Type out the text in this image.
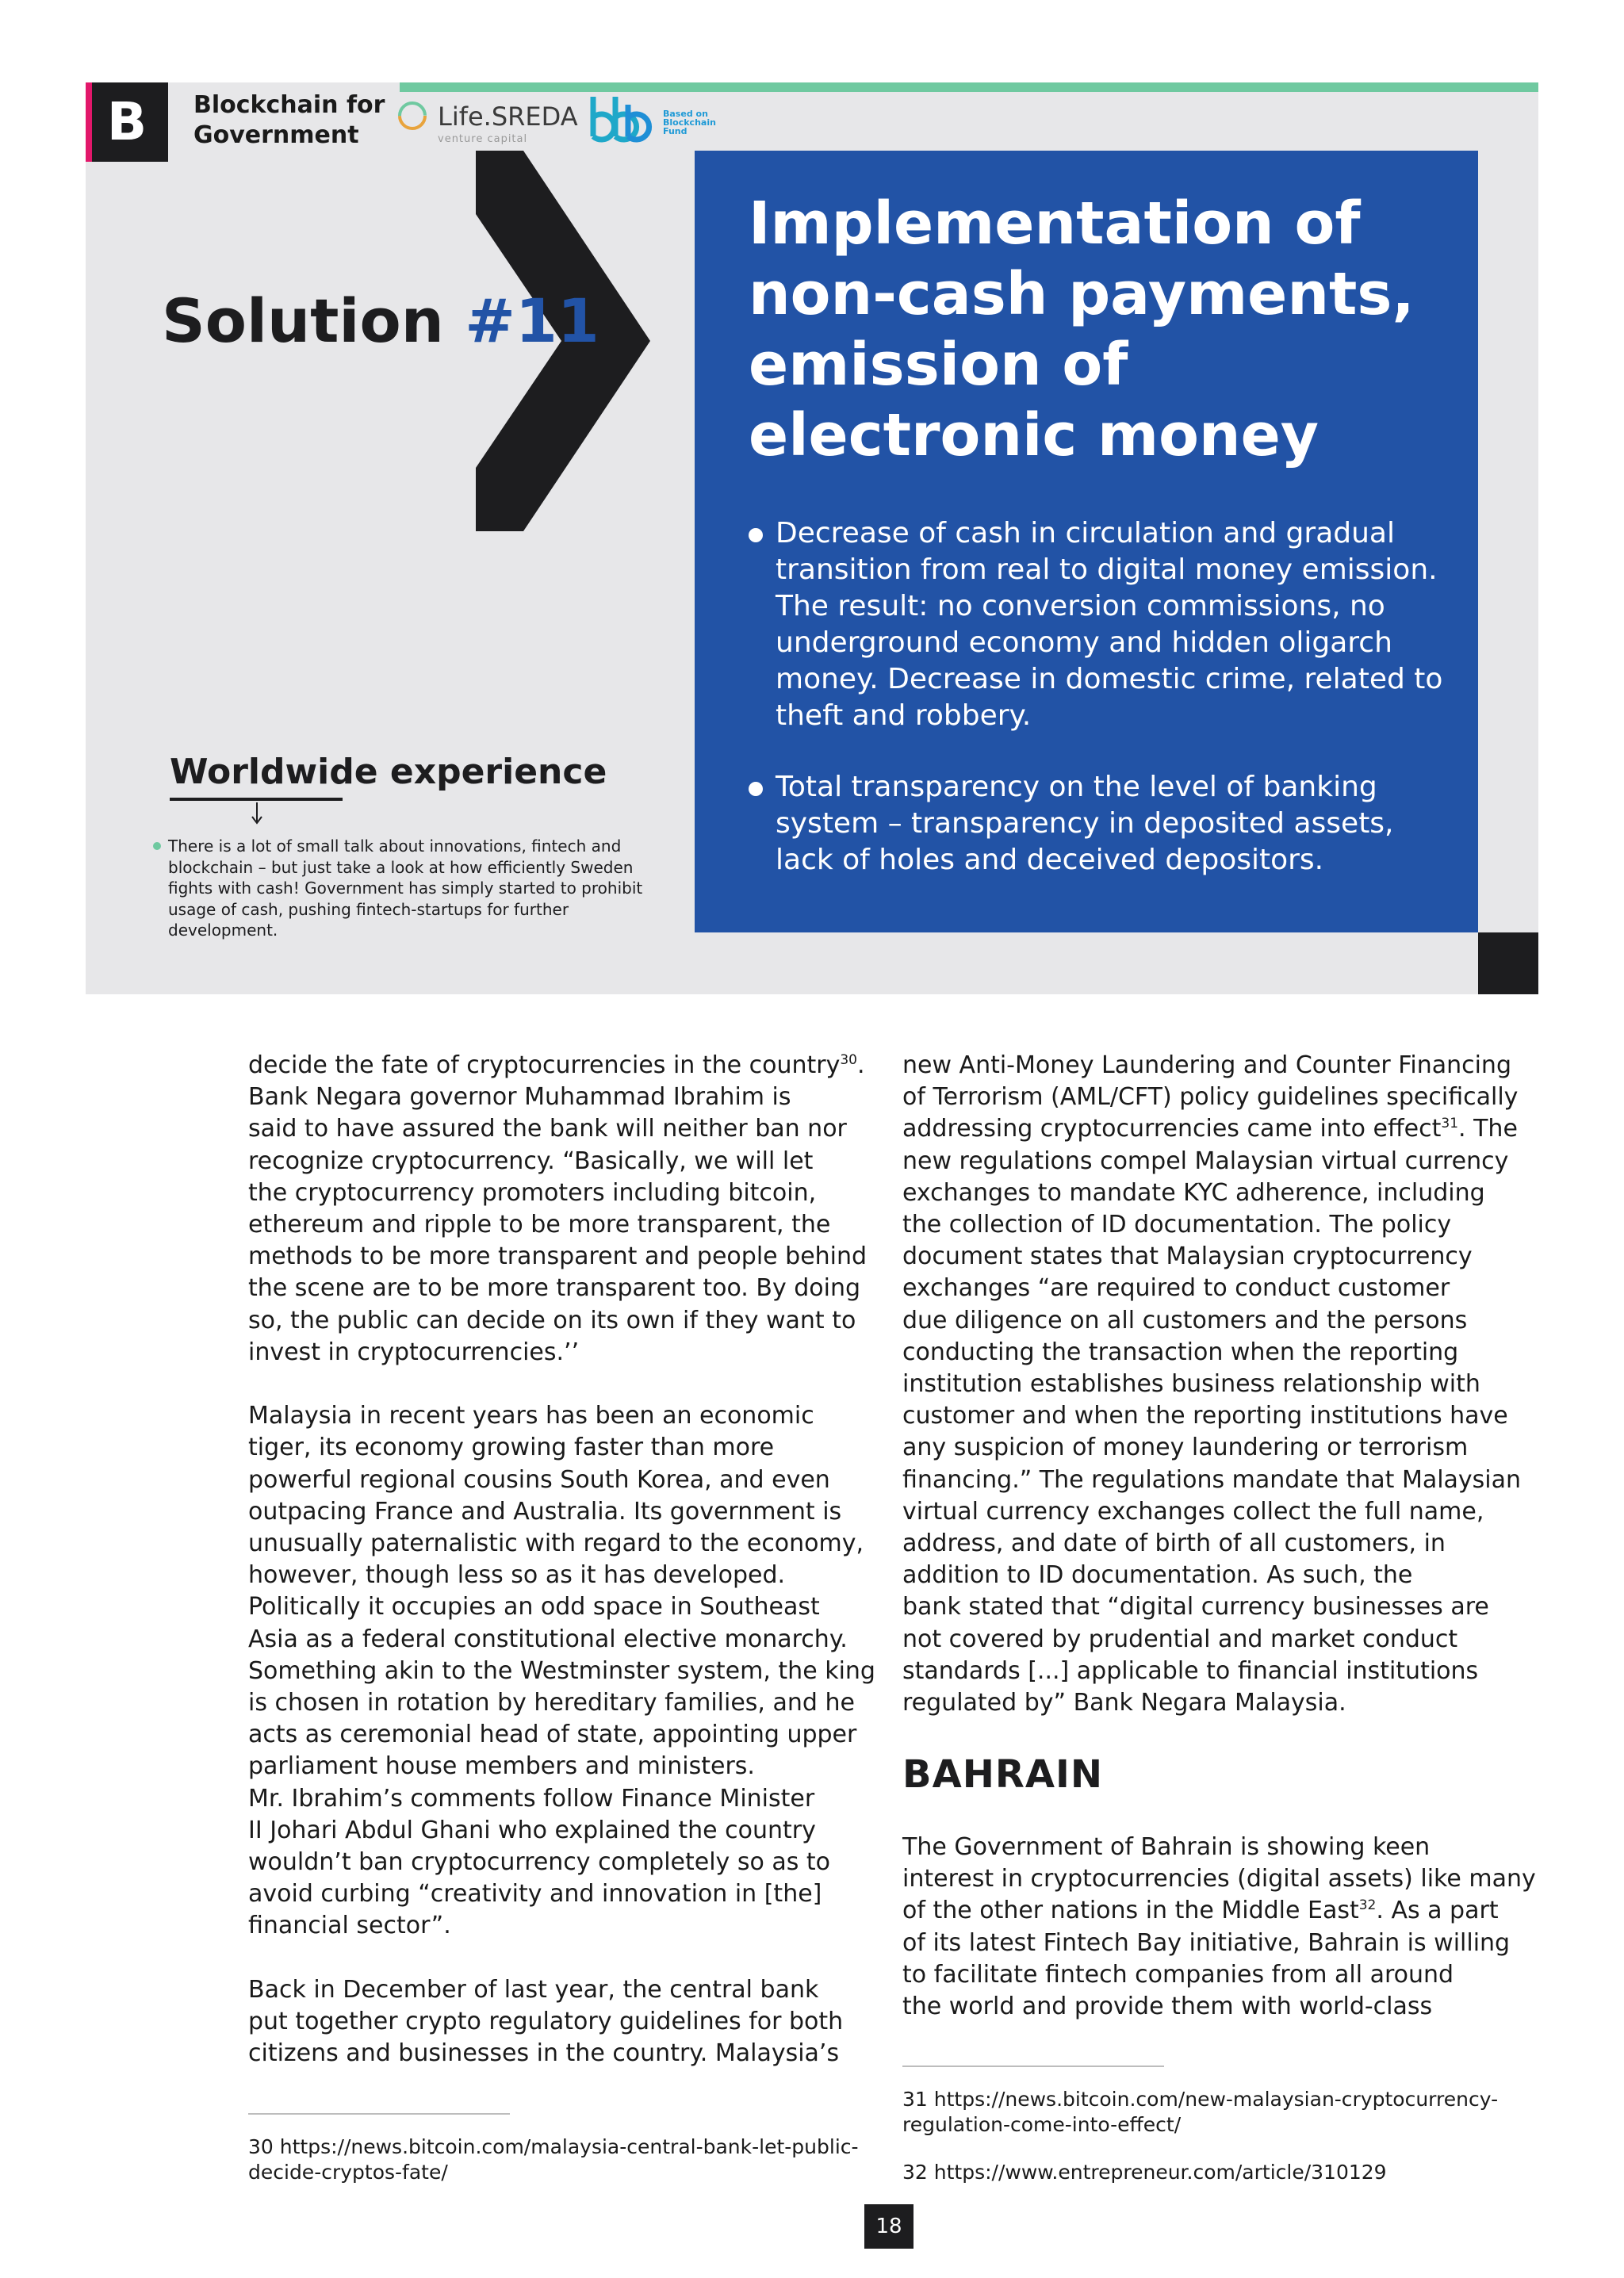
B	Blockchain for
Government
Life.SREDA
venture capital
Based on
Blockchain
Fund
Solution #11
Implementation of non-cash payments, emission of electronic money
Decrease of cash in circulation and gradual transition from real to digital money emission. The result: no conversion commissions, no underground economy and hidden oligarch money. Decrease in domestic crime, related to theft and robbery.
Total transparency on the level of banking system – transparency in deposited assets, lack of holes and deceived depositors.
Worldwide experience
There is a lot of small talk about innovations, fintech and blockchain – but just take a look at how efficiently Sweden fights with cash! Government has simply started to prohibit usage of cash, pushing fintech-startups for further development.
decide the fate of cryptocurrencies in the country$^{30}$.
Bank Negara governor Muhammad Ibrahim is
said to have assured the bank will neither ban nor
recognize cryptocurrency. “Basically, we will let
the cryptocurrency promoters including bitcoin,
ethereum and ripple to be more transparent, the
methods to be more transparent and people behind
the scene are to be more transparent too. By doing
so, the public can decide on its own if they want to
invest in cryptocurrencies.’’

Malaysia in recent years has been an economic
tiger, its economy growing faster than more
powerful regional cousins South Korea, and even
outpacing France and Australia. Its government is
unusually paternalistic with regard to the economy,
however, though less so as it has developed.
Politically it occupies an odd space in Southeast
Asia as a federal constitutional elective monarchy.
Something akin to the Westminster system, the king
is chosen in rotation by hereditary families, and he
acts as ceremonial head of state, appointing upper
parliament house members and ministers.
Mr. Ibrahim’s comments follow Finance Minister
II Johari Abdul Ghani who explained the country
wouldn’t ban cryptocurrency completely so as to
avoid curbing “creativity and innovation in [the]
financial sector”.

Back in December of last year, the central bank
put together crypto regulatory guidelines for both
citizens and businesses in the country. Malaysia’s
new Anti-Money Laundering and Counter Financing
of Terrorism (AML/CFT) policy guidelines specifically
addressing cryptocurrencies came into effect$^{31}$. The
new regulations compel Malaysian virtual currency
exchanges to mandate KYC adherence, including
the collection of ID documentation. The policy
document states that Malaysian cryptocurrency
exchanges “are required to conduct customer
due diligence on all customers and the persons
conducting the transaction when the reporting
institution establishes business relationship with
customer and when the reporting institutions have
any suspicion of money laundering or terrorism
financing.” The regulations mandate that Malaysian
virtual currency exchanges collect the full name,
address, and date of birth of all customers, in
addition to ID documentation. As such, the
bank stated that “digital currency businesses are
not covered by prudential and market conduct
standards [...] applicable to financial institutions
regulated by” Bank Negara Malaysia.
BAHRAIN
The Government of Bahrain is showing keen
interest in cryptocurrencies (digital assets) like many
of the other nations in the Middle East$^{32}$. As a part
of its latest Fintech Bay initiative, Bahrain is willing
to facilitate fintech companies from all around
the world and provide them with world-class
30 https://news.bitcoin.com/malaysia-central-bank-let-public-
decide-cryptos-fate/
31 https://news.bitcoin.com/new-malaysian-cryptocurrency-
regulation-come-into-effect/
32 https://www.entrepreneur.com/article/310129
18
